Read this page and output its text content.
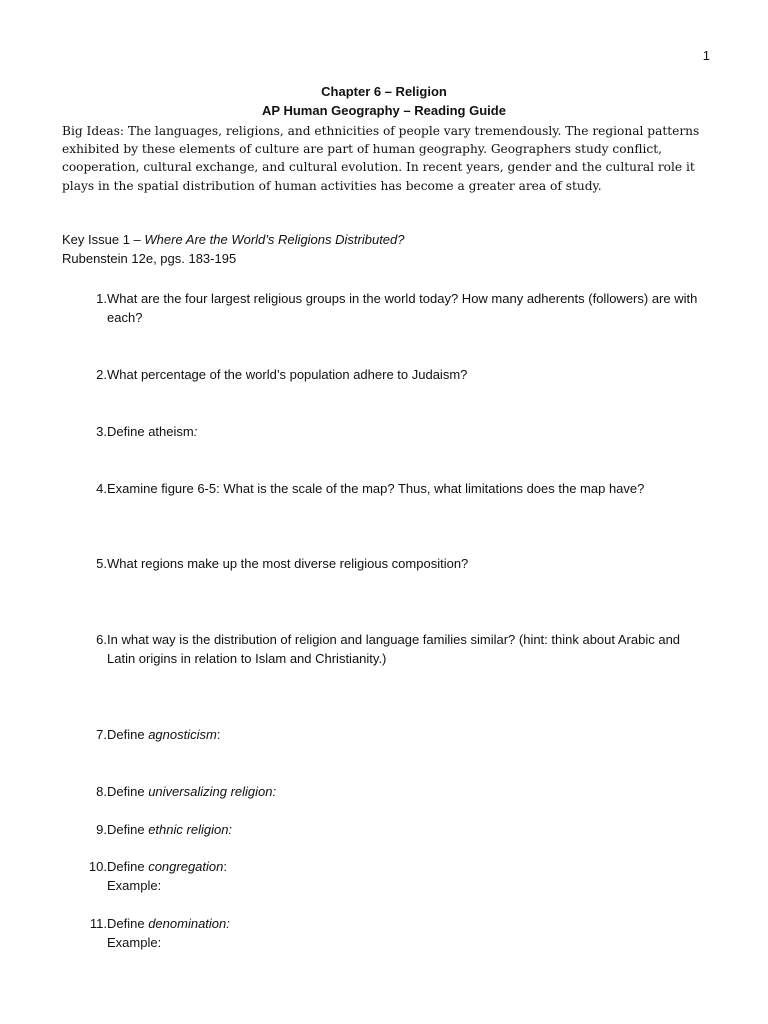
1
Chapter 6 – Religion
AP Human Geography – Reading Guide
Big Ideas: The languages, religions, and ethnicities of people vary tremendously. The regional patterns exhibited by these elements of culture are part of human geography. Geographers study conflict, cooperation, cultural exchange, and cultural evolution. In recent years, gender and the cultural role it plays in the spatial distribution of human activities has become a greater area of study.
Key Issue 1 – Where Are the World’s Religions Distributed?
Rubenstein 12e, pgs. 183-195
1. What are the four largest religious groups in the world today? How many adherents (followers) are with each?
2. What percentage of the world’s population adhere to Judaism?
3. Define atheism:
4. Examine figure 6-5: What is the scale of the map? Thus, what limitations does the map have?
5. What regions make up the most diverse religious composition?
6. In what way is the distribution of religion and language families similar? (hint: think about Arabic and Latin origins in relation to Islam and Christianity.)
7. Define agnosticism:
8. Define universalizing religion:
9. Define ethnic religion:
10. Define congregation:
Example:
11. Define denomination:
Example:
